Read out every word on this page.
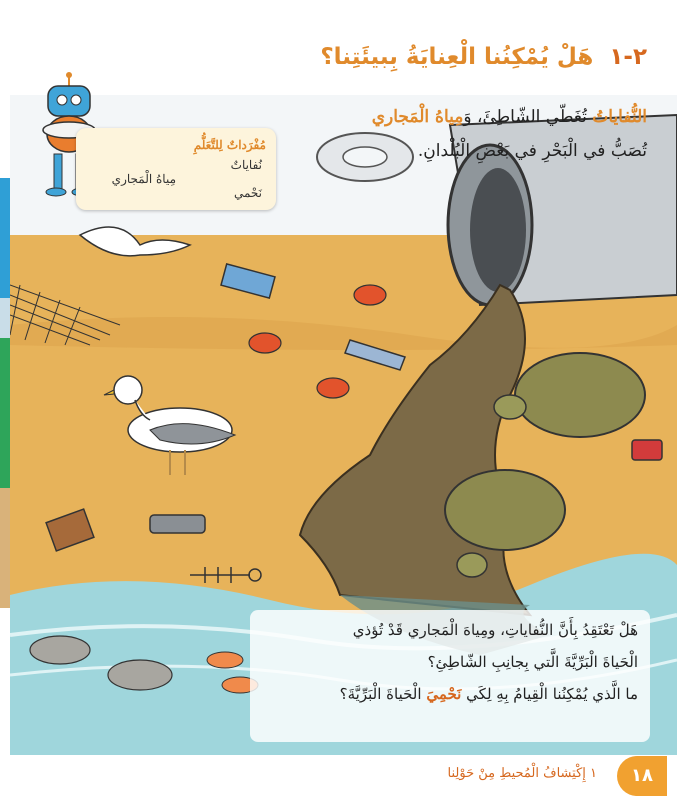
٢-١ هَلْ يُمْكِنُنا الْعِنايَةُ بِبيئَتِنا؟
مُفْرَداتٌ لِلتَّعَلُّمِ
نُفاياتٌ
مِياهُ الْمَجاري
نَحْمي
النُّفاياتُ تُغَطّي الشّاطِئَ، وَمِياهُ الْمَجاري
تُصَبُّ في الْبَحْرِ في بَعْضِ الْبُلْدانِ.
هَلْ تَعْتَقِدُ بِأَنَّ النُّفاياتِ، ومِياهَ الْمَجاري قَدْ تُؤذي
الْحَياةَ الْبَرِّيَّةَ الَّتي بِجانِبِ الشّاطِئِ؟
ما الَّذي يُمْكِنُنا الْقِيامُ بِهِ لِكَي نَحْمِيَ الْحَياةَ الْبَرِّيَّةَ؟
١٨
١ إِكْتِشافُ الْمُحيطِ مِنْ حَوْلِنا
